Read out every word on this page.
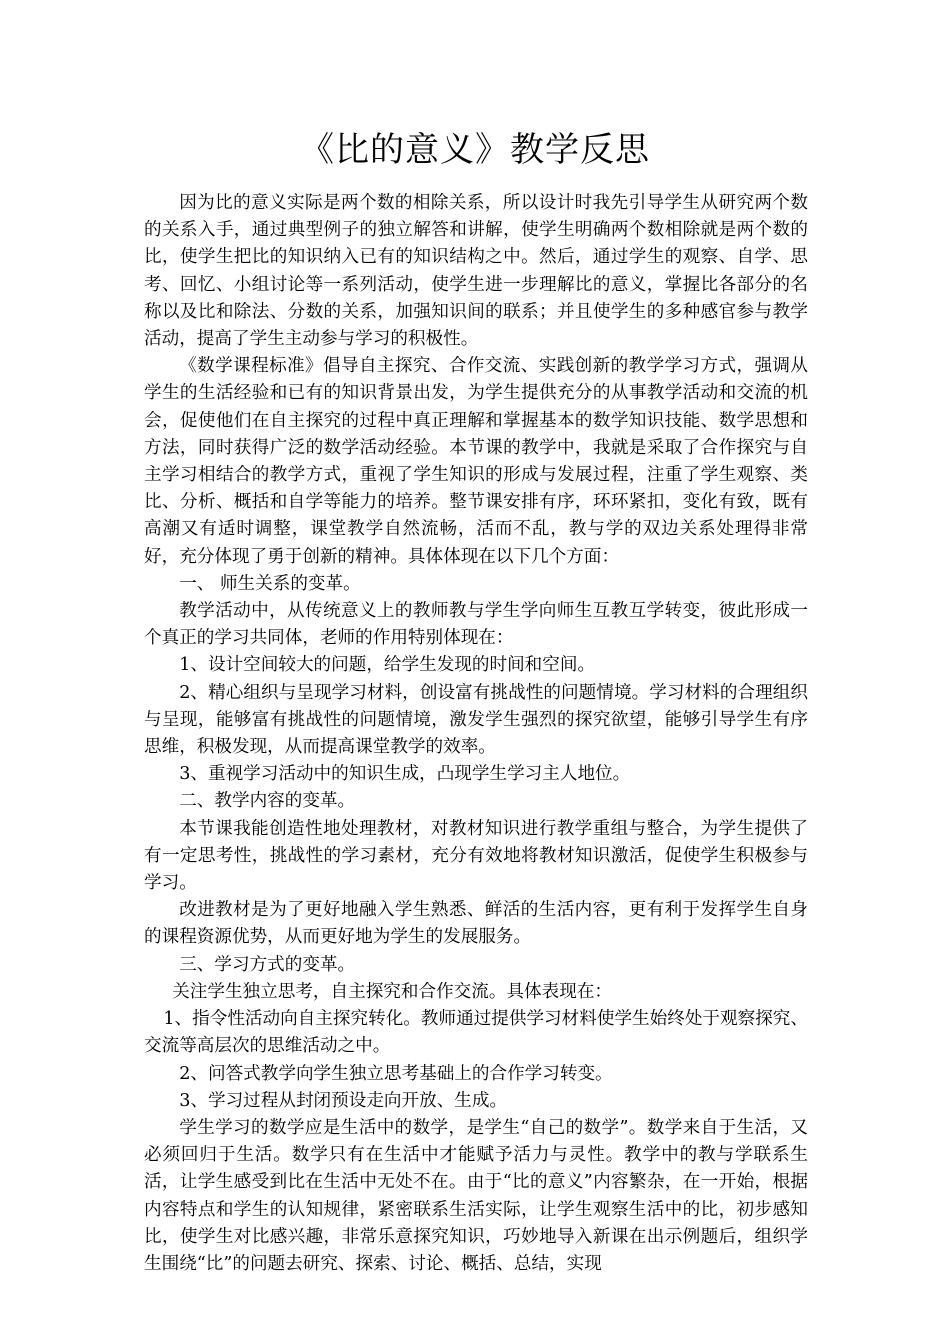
《比的意义》教学反思

因为比的意义实际是两个数的相除关系，所以设计时我先引导学生从研究两个数的关系入手，通过典型例子的独立解答和讲解，使学生明确两个数相除就是两个数的比，使学生把比的知识纳入已有的知识结构之中。然后，通过学生的观察、自学、思考、回忆、小组讨论等一系列活动，使学生进一步理解比的意义，掌握比各部分的名称以及比和除法、分数的关系，加强知识间的联系；并且使学生的多种感官参与教学活动，提高了学生主动参与学习的积极性。

《数学课程标准》倡导自主探究、合作交流、实践创新的教学学习方式，强调从学生的生活经验和已有的知识背景出发，为学生提供充分的从事教学活动和交流的机会，促使他们在自主探究的过程中真正理解和掌握基本的数学知识技能、数学思想和方法，同时获得广泛的数学活动经验。本节课的教学中，我就是采取了合作探究与自主学习相结合的教学方式，重视了学生知识的形成与发展过程，注重了学生观察、类比、分析、概括和自学等能力的培养。整节课安排有序，环环紧扣，变化有致，既有高潮又有适时调整，课堂教学自然流畅，活而不乱，教与学的双边关系处理得非常好，充分体现了勇于创新的精神。具体体现在以下几个方面：

一、 师生关系的变革。

教学活动中，从传统意义上的教师教与学生学向师生互教互学转变，彼此形成一个真正的学习共同体，老师的作用特别体现在：

1、设计空间较大的问题，给学生发现的时间和空间。

2、精心组织与呈现学习材料，创设富有挑战性的问题情境。学习材料的合理组织与呈现，能够富有挑战性的问题情境，激发学生强烈的探究欲望，能够引导学生有序思维，积极发现，从而提高课堂教学的效率。

3、重视学习活动中的知识生成，凸现学生学习主人地位。

二、教学内容的变革。

本节课我能创造性地处理教材，对教材知识进行教学重组与整合，为学生提供了有一定思考性，挑战性的学习素材，充分有效地将教材知识激活，促使学生积极参与学习。

改进教材是为了更好地融入学生熟悉、鲜活的生活内容，更有利于发挥学生自身的课程资源优势，从而更好地为学生的发展服务。

三、学习方式的变革。

关注学生独立思考，自主探究和合作交流。具体表现在：

1、指令性活动向自主探究转化。教师通过提供学习材料使学生始终处于观察探究、交流等高层次的思维活动之中。

2、问答式教学向学生独立思考基础上的合作学习转变。

3、学习过程从封闭预设走向开放、生成。

学生学习的数学应是生活中的数学，是学生“自己的数学”。数学来自于生活，又必须回归于生活。数学只有在生活中才能赋予活力与灵性。教学中的教与学联系生活，让学生感受到比在生活中无处不在。由于“比的意义”内容繁杂，在一开始，根据内容特点和学生的认知规律，紧密联系生活实际，让学生观察生活中的比，初步感知比，使学生对比感兴趣，非常乐意探究知识，巧妙地导入新课在出示例题后，组织学生围绕“比”的问题去研究、探索、讨论、概括、总结，实现
